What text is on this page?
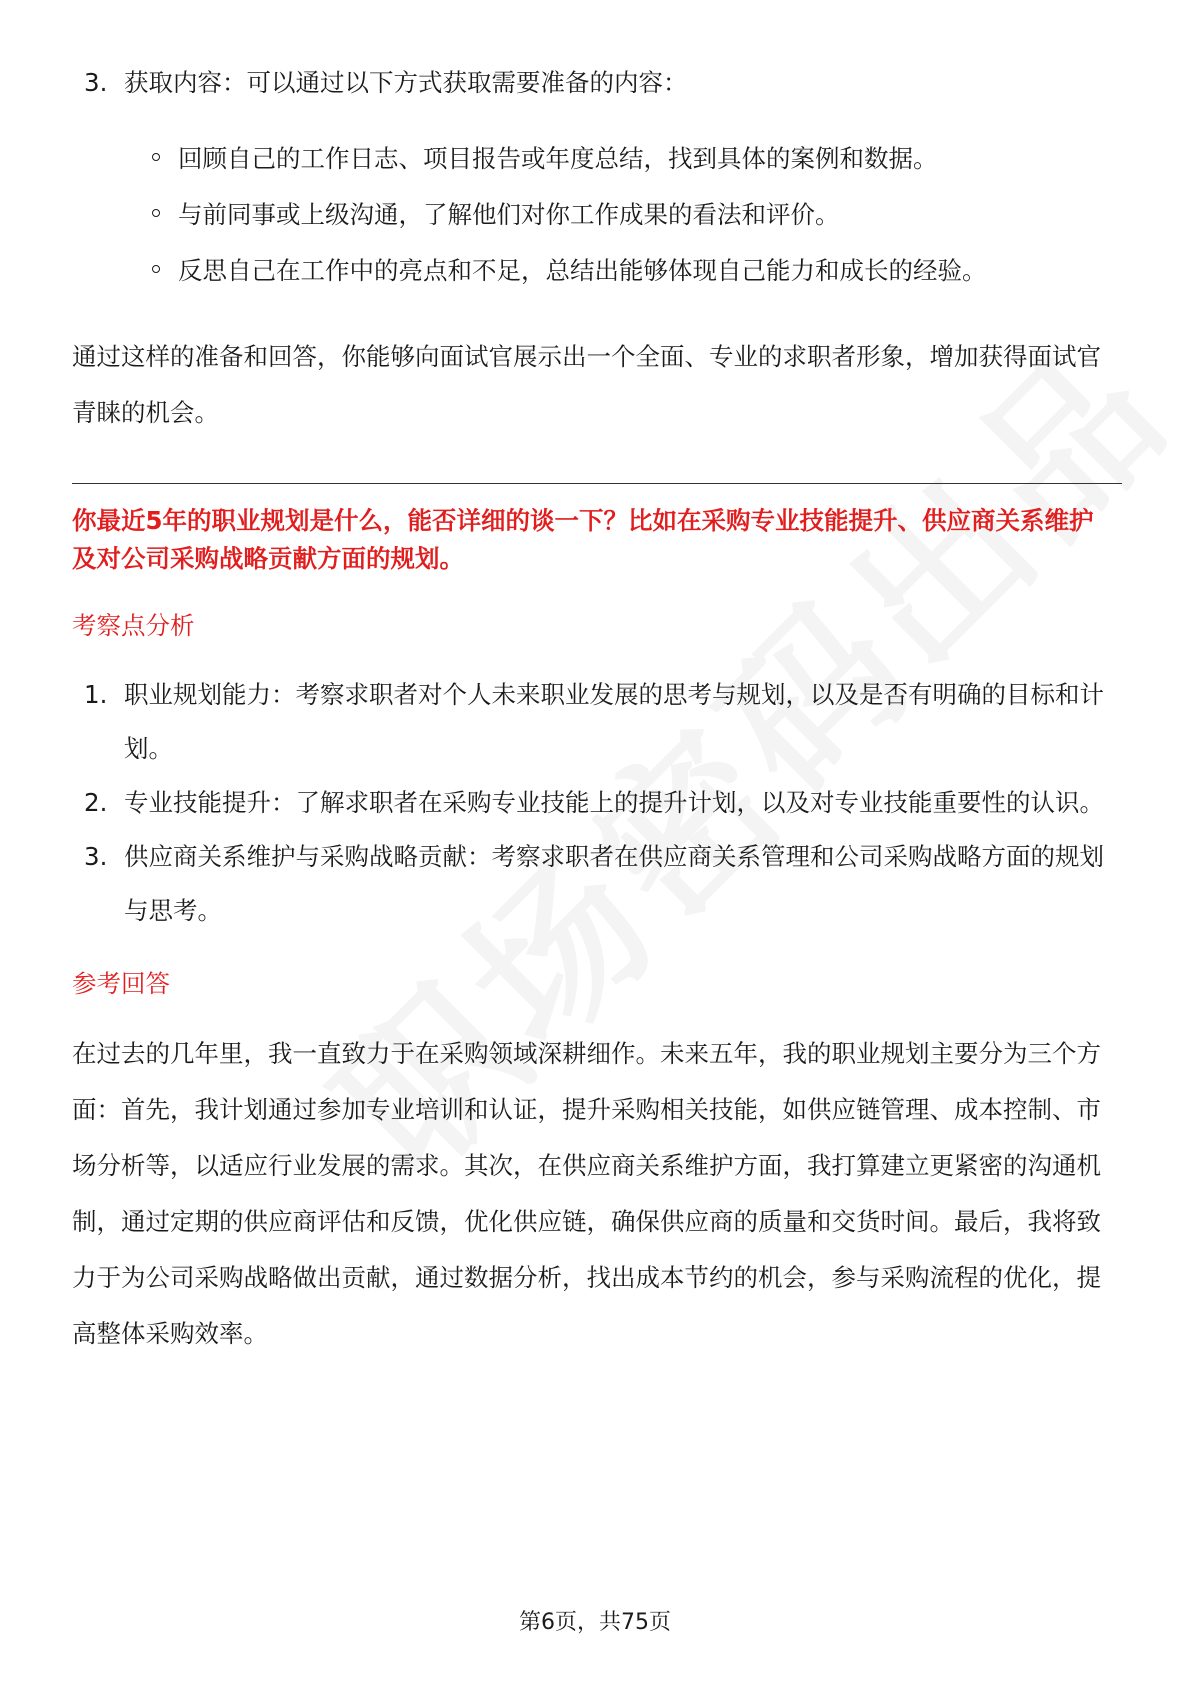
3. 获取内容：可以通过以下方式获取需要准备的内容：
回顾自己的工作日志、项目报告或年度总结，找到具体的案例和数据。
与前同事或上级沟通，了解他们对你工作成果的看法和评价。
反思自己在工作中的亮点和不足，总结出能够体现自己能力和成长的经验。
通过这样的准备和回答，你能够向面试官展示出一个全面、专业的求职者形象，增加获得面试官青睐的机会。
你最近5年的职业规划是什么，能否详细的谈一下？比如在采购专业技能提升、供应商关系维护及对公司采购战略贡献方面的规划。
考察点分析
1. 职业规划能力：考察求职者对个人未来职业发展的思考与规划，以及是否有明确的目标和计划。
2. 专业技能提升：了解求职者在采购专业技能上的提升计划，以及对专业技能重要性的认识。
3. 供应商关系维护与采购战略贡献：考察求职者在供应商关系管理和公司采购战略方面的规划与思考。
参考回答
在过去的几年里，我一直致力于在采购领域深耕细作。未来五年，我的职业规划主要分为三个方面：首先，我计划通过参加专业培训和认证，提升采购相关技能，如供应链管理、成本控制、市场分析等，以适应行业发展的需求。其次，在供应商关系维护方面，我打算建立更紧密的沟通机制，通过定期的供应商评估和反馈，优化供应链，确保供应商的质量和交货时间。最后，我将致力于为公司采购战略做出贡献，通过数据分析，找出成本节约的机会，参与采购流程的优化，提高整体采购效率。
第6页，共75页
